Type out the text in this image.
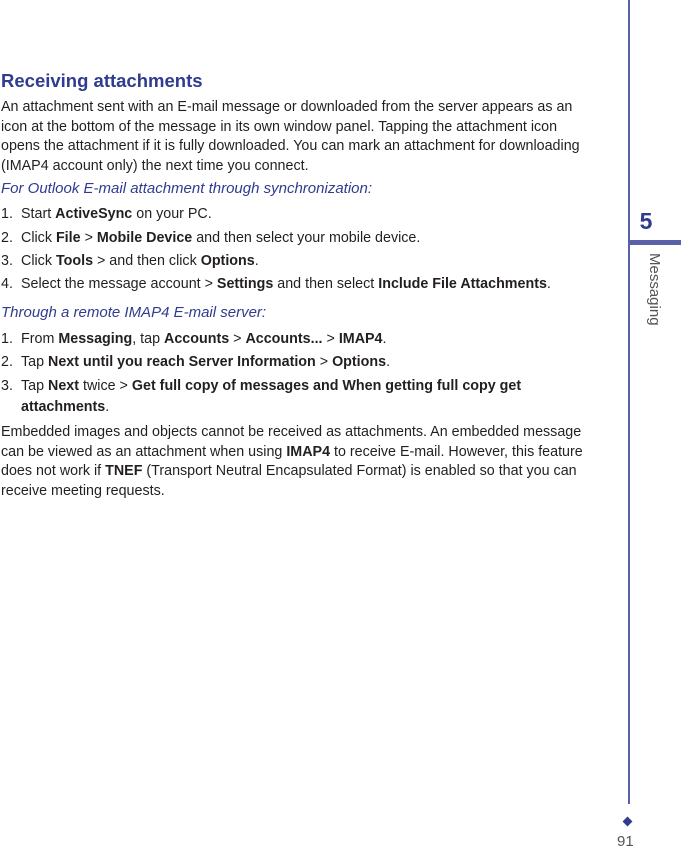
Receiving attachments

An attachment sent with an E-mail message or downloaded from the server appears as an icon at the bottom of the message in its own window panel. Tapping the attachment icon opens the attachment if it is fully downloaded. You can mark an attachment for downloading (IMAP4 account only) the next time you connect.

For Outlook E-mail attachment through synchronization:

1. Start ActiveSync on your PC.
2. Click File > Mobile Device and then select your mobile device.
3. Click Tools > and then click Options.
4. Select the message account > Settings and then select Include File Attachments.

Through a remote IMAP4 E-mail server:

1. From Messaging, tap Accounts > Accounts... > IMAP4.
2. Tap Next until you reach Server Information > Options.
3. Tap Next twice > Get full copy of messages and When getting full copy get attachments.

Embedded images and objects cannot be received as attachments. An embedded message can be viewed as an attachment when using IMAP4 to receive E-mail. However, this feature does not work if TNEF (Transport Neutral Encapsulated Format) is enabled so that you can receive meeting requests.

5
Messaging
91
